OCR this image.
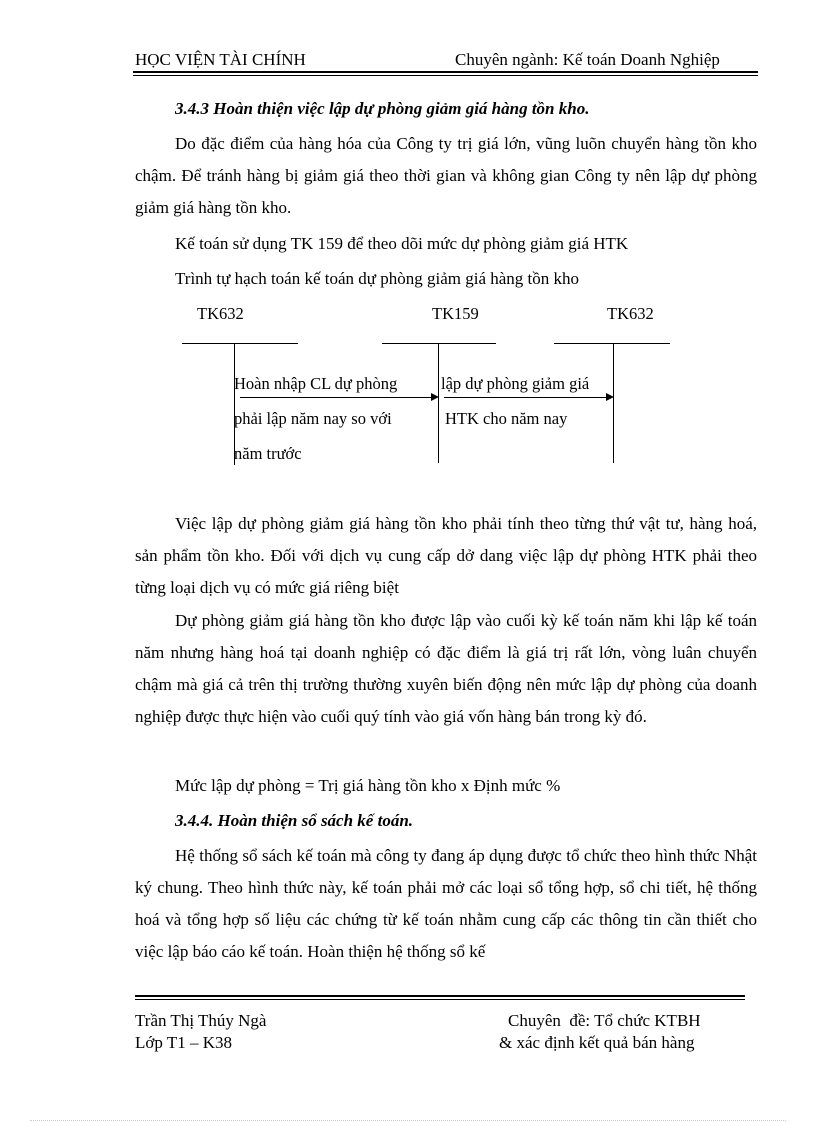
HỌC VIỆN TÀI CHÍNH	Chuyên ngành: Kế toán Doanh Nghiệp
3.4.3 Hoàn thiện việc lập dự phòng giảm giá hàng tồn kho.
Do đặc điểm của hàng hóa của Công ty trị giá lớn, vũng luõn chuyển hàng tồn kho chậm. Để tránh hàng bị giảm giá theo thời gian và không gian Công ty nên lập dự phòng giảm giá hàng tồn kho.
Kế toán sử dụng TK 159 để theo dõi mức dự phòng giảm giá HTK
Trình tự hạch toán kế toán dự phòng giảm giá hàng tồn kho
TK632	TK159	TK632
Hoàn nhập CL dự phòng
phải lập năm nay so với
năm trước
lập dự phòng giảm giá
HTK cho năm nay
Việc lập dự phòng giảm giá hàng tồn kho phải tính theo từng thứ vật tư, hàng hoá, sản phẩm tồn kho. Đối với dịch vụ cung cấp dở dang việc lập dự phòng HTK phải theo từng loại dịch vụ có mức giá riêng biệt
Dự phòng giảm giá hàng tồn kho được lập vào cuối kỳ kế toán năm khi lập kế toán năm nhưng hàng hoá tại doanh nghiệp có đặc điểm là giá trị rất lớn, vòng luân chuyển chậm mà giá cả trên thị trường thường xuyên biến động nên mức lập dự phòng của doanh nghiệp được thực hiện vào cuối quý tính vào giá vốn hàng bán trong kỳ đó.
Mức lập dự phòng = Trị giá hàng tồn kho x Định mức %
3.4.4. Hoàn thiện sổ sách kế toán.
Hệ thống sổ sách kế toán mà công ty đang áp dụng được tổ chức theo hình thức Nhật ký chung. Theo hình thức này, kế toán phải mở các loại sổ tổng hợp, sổ chi tiết, hệ thống hoá và tổng hợp số liệu các chứng từ kế toán nhằm cung cấp các thông tin cần thiết cho việc lập báo cáo kế toán. Hoàn thiện hệ thống sổ kế
Trần Thị Thúy Ngà
Lớp T1 – K38
Chuyên  đề: Tổ chức KTBH
& xác định kết quả bán hàng
